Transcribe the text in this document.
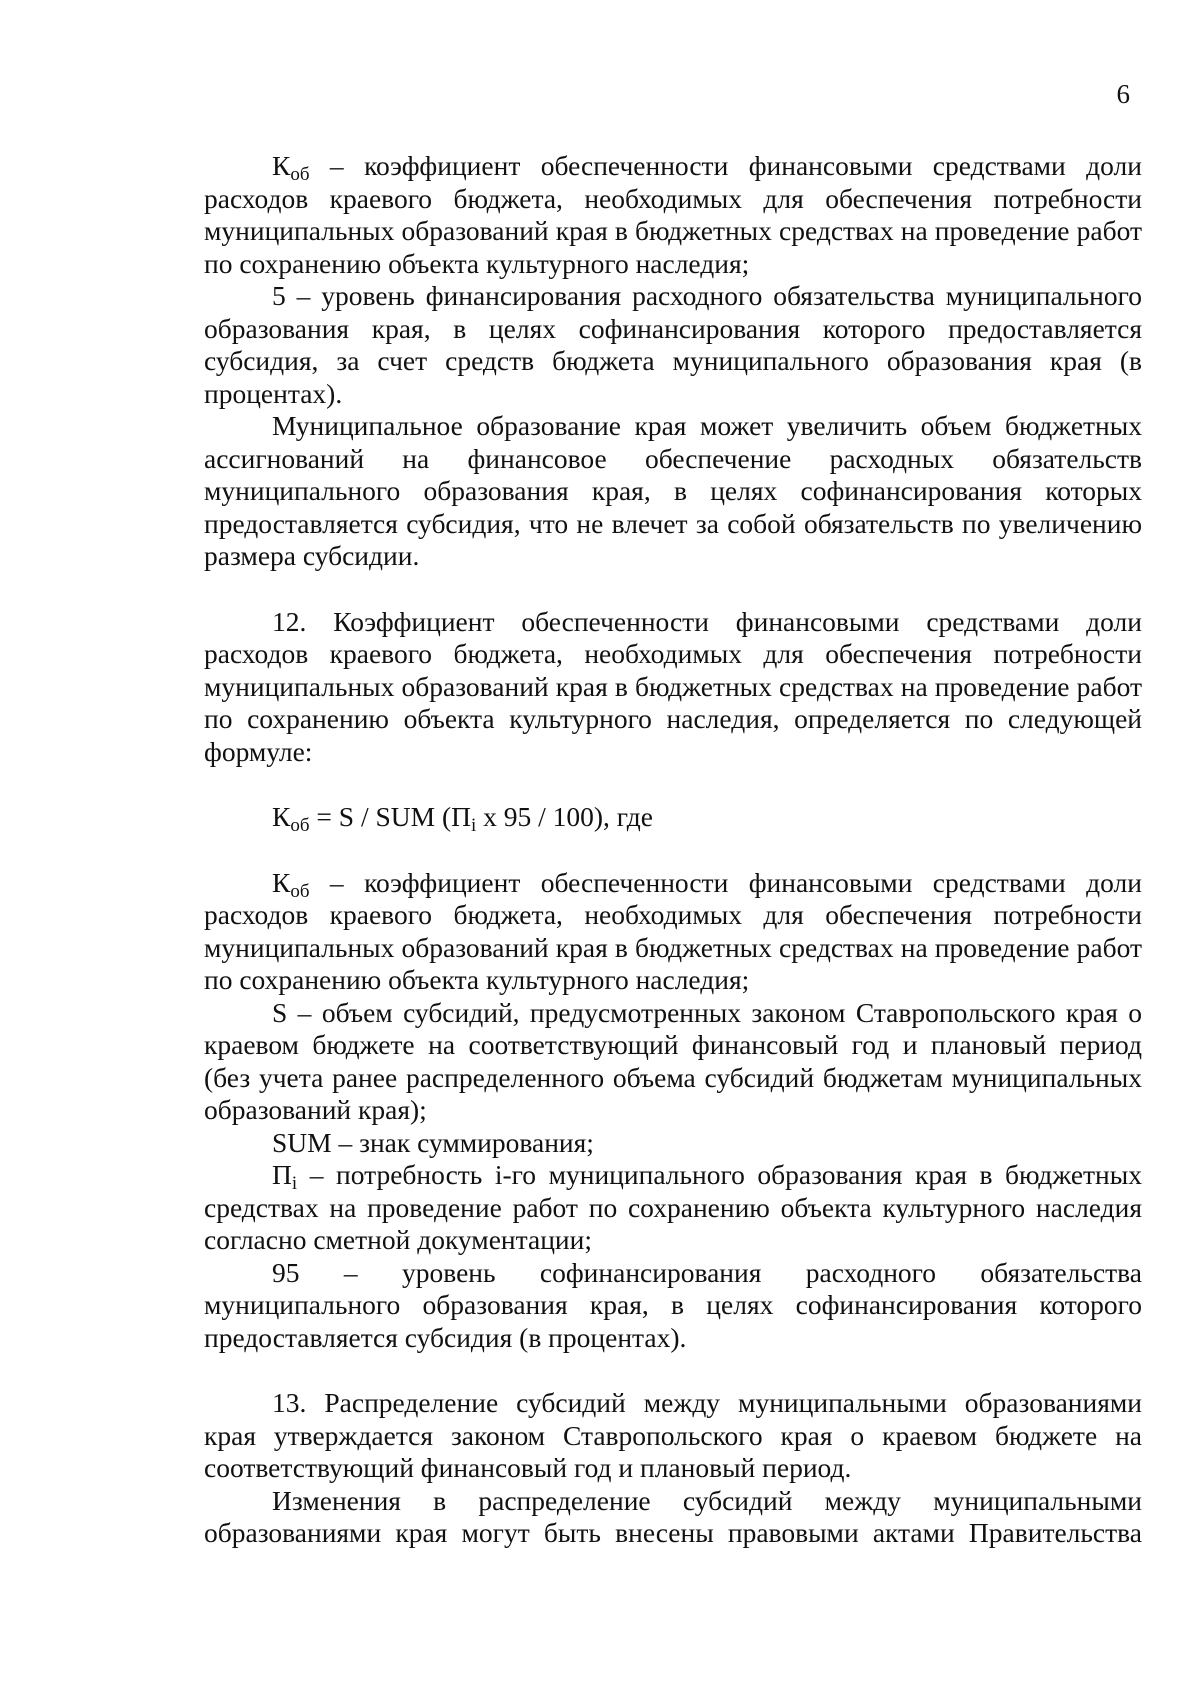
6

$К_{об}$ – коэффициент обеспеченности финансовыми средствами доли расходов краевого бюджета, необходимых для обеспечения потребности муниципальных образований края в бюджетных средствах на проведение работ по сохранению объекта культурного наследия;

5 – уровень финансирования расходного обязательства муниципального образования края, в целях софинансирования которого предоставляется субсидия, за счет средств бюджета муниципального образования края (в процентах).

Муниципальное образование края может увеличить объем бюджетных ассигнований на финансовое обеспечение расходных обязательств муниципального образования края, в целях софинансирования которых предоставляется субсидия, что не влечет за собой обязательств по увеличению размера субсидии.

12. Коэффициент обеспеченности финансовыми средствами доли расходов краевого бюджета, необходимых для обеспечения потребности муниципальных образований края в бюджетных средствах на проведение работ по сохранению объекта культурного наследия, определяется по следующей формуле:

$К_{об} = S$ / SUM ($П_i$ х 95 / 100), где

$К_{об}$ – коэффициент обеспеченности финансовыми средствами доли расходов краевого бюджета, необходимых для обеспечения потребности муниципальных образований края в бюджетных средствах на проведение работ по сохранению объекта культурного наследия;

S – объем субсидий, предусмотренных законом Ставропольского края о краевом бюджете на соответствующий финансовый год и плановый период (без учета ранее распределенного объема субсидий бюджетам муниципальных образований края);

SUM – знак суммирования;

$П_i$ – потребность i-го муниципального образования края в бюджетных средствах на проведение работ по сохранению объекта культурного наследия согласно сметной документации;

95 – уровень софинансирования расходного обязательства муниципального образования края, в целях софинансирования которого предоставляется субсидия (в процентах).

13. Распределение субсидий между муниципальными образованиями края утверждается законом Ставропольского края о краевом бюджете на соответствующий финансовый год и плановый период.

Изменения в распределение субсидий между муниципальными образованиями края могут быть внесены правовыми актами Правительства
